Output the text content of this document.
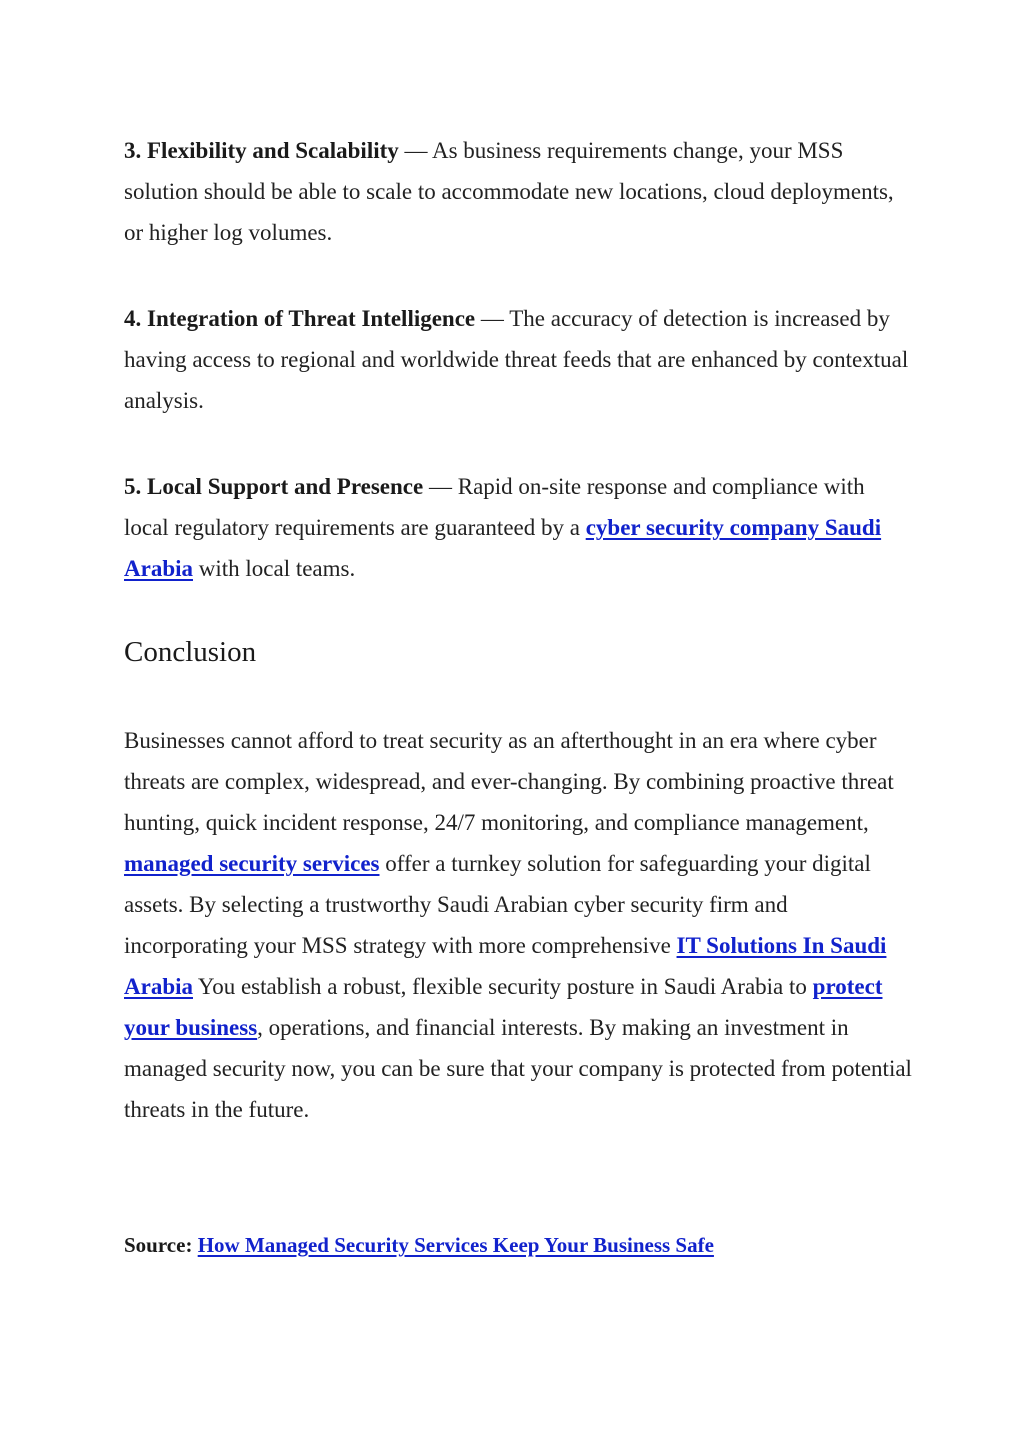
3. Flexibility and Scalability — As business requirements change, your MSS solution should be able to scale to accommodate new locations, cloud deployments, or higher log volumes.

4. Integration of Threat Intelligence — The accuracy of detection is increased by having access to regional and worldwide threat feeds that are enhanced by contextual analysis.

5. Local Support and Presence — Rapid on-site response and compliance with local regulatory requirements are guaranteed by a cyber security company Saudi Arabia with local teams.

Conclusion

Businesses cannot afford to treat security as an afterthought in an era where cyber threats are complex, widespread, and ever-changing. By combining proactive threat hunting, quick incident response, 24/7 monitoring, and compliance management, managed security services offer a turnkey solution for safeguarding your digital assets. By selecting a trustworthy Saudi Arabian cyber security firm and incorporating your MSS strategy with more comprehensive IT Solutions In Saudi Arabia You establish a robust, flexible security posture in Saudi Arabia to protect your business, operations, and financial interests. By making an investment in managed security now, you can be sure that your company is protected from potential threats in the future.

Source: How Managed Security Services Keep Your Business Safe
